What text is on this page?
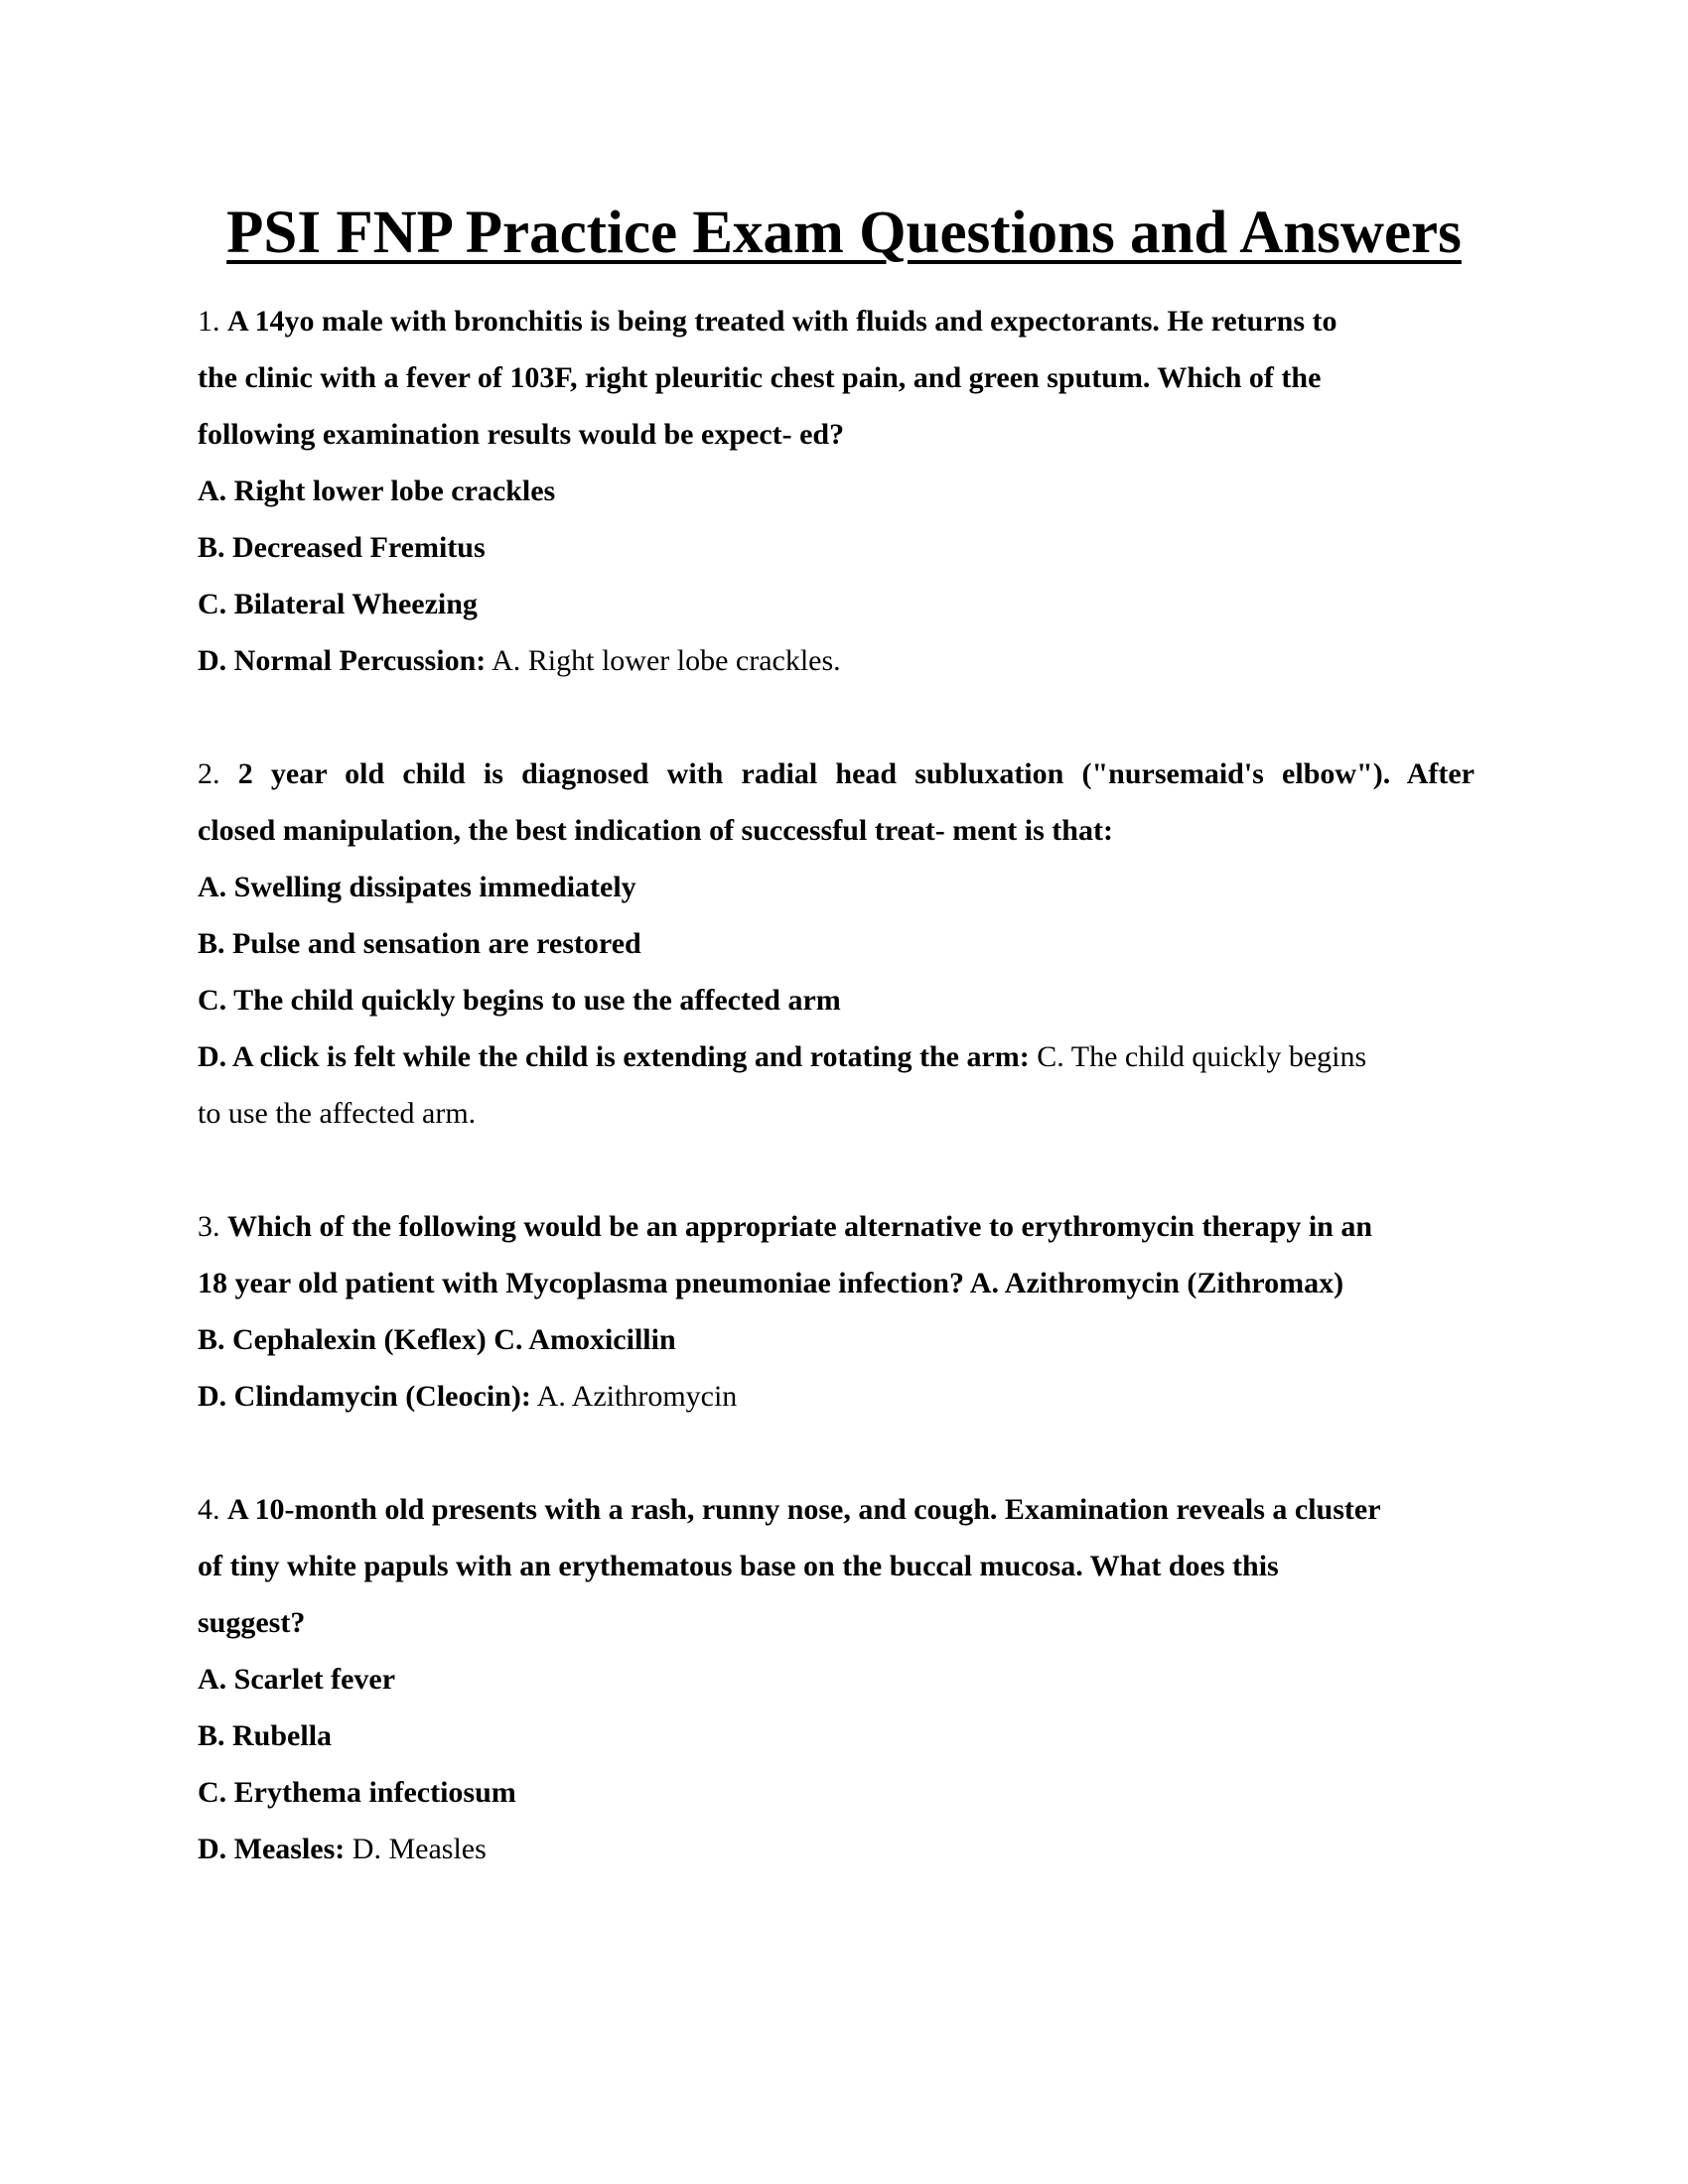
PSI FNP Practice Exam Questions and Answers
1. A 14yo male with bronchitis is being treated with fluids and expectorants. He returns to
the clinic with a fever of 103F, right pleuritic chest pain, and green sputum. Which of the
following examination results would be expect- ed?
A. Right lower lobe crackles
B. Decreased Fremitus
C. Bilateral Wheezing
D. Normal Percussion: A. Right lower lobe crackles.
2. 2 year old child is diagnosed with radial head subluxation ("nursemaid's elbow"). After
closed manipulation, the best indication of successful treat- ment is that:
A. Swelling dissipates immediately
B. Pulse and sensation are restored
C. The child quickly begins to use the affected arm
D. A click is felt while the child is extending and rotating the arm: C. The child quickly begins
to use the affected arm.
3. Which of the following would be an appropriate alternative to erythromycin therapy in an
18 year old patient with Mycoplasma pneumoniae infection? A. Azithromycin (Zithromax)
B. Cephalexin (Keflex) C. Amoxicillin
D. Clindamycin (Cleocin): A. Azithromycin
4. A 10-month old presents with a rash, runny nose, and cough. Examination reveals a cluster
of tiny white papuls with an erythematous base on the buccal mucosa. What does this
suggest?
A. Scarlet fever
B. Rubella
C. Erythema infectiosum
D. Measles: D. Measles
